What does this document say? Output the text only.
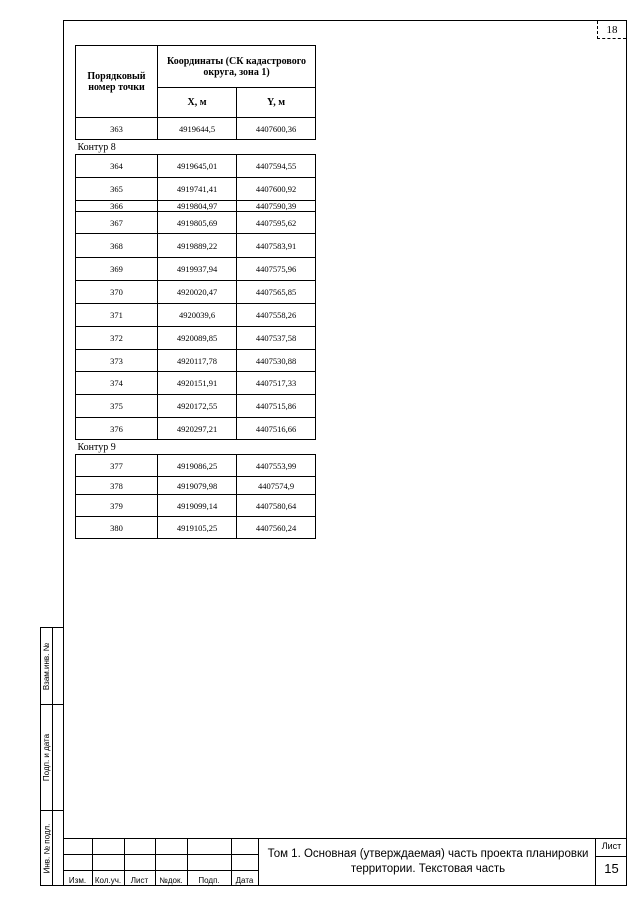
18
Порядковый номер точки	Координаты (СК кадастрового округа, зона 1)	
	X, м	Y, м
363	4919644,5	4407600,36
Контур 8		
364	4919645,01	4407594,55
365	4919741,41	4407600,92
366	4919804,97	4407590,39
367	4919805,69	4407595,62
368	4919889,22	4407583,91
369	4919937,94	4407575,96
370	4920020,47	4407565,85
371	4920039,6	4407558,26
372	4920089,85	4407537,58
373	4920117,78	4407530,88
374	4920151,91	4407517,33
375	4920172,55	4407515,86
376	4920297,21	4407516,66
Контур 9		
377	4919086,25	4407553,99
378	4919079,98	4407574,9
379	4919099,14	4407580,64
380	4919105,25	4407560,24
Взам.инв. №
Подп. и дата
Инв. № подл.
Изм.	Кол.уч.	Лист	№док.	Подп.	Дата
Том 1. Основная (утверждаемая) часть проекта планировки территории. Текстовая часть
Лист
15
